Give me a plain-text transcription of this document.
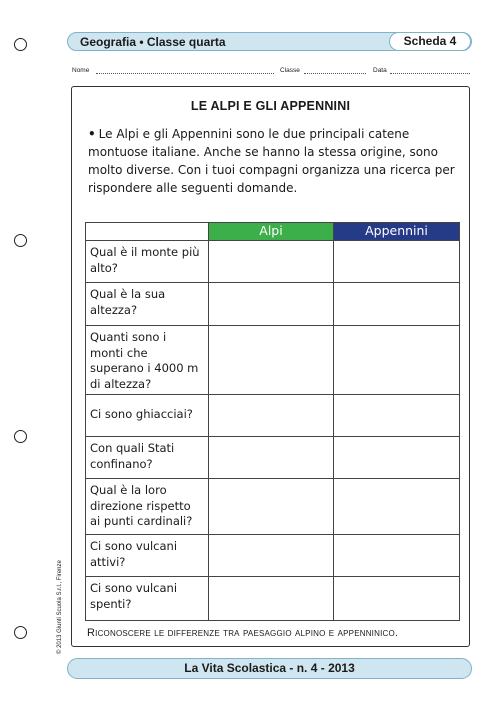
Geografia • Classe quarta	Scheda 4
Nome	Classe	Data
LE ALPI E GLI APPENNINI
• Le Alpi e gli Appennini sono le due principali catene montuose italiane. Anche se hanno la stessa origine, sono molto diverse. Con i tuoi compagni organizza una ricerca per rispondere alle seguenti domande.
	Alpi	Appennini
Qual è il monte più alto?		
Qual è la sua altezza?		
Quanti sono i monti che superano i 4000 m di altezza?		
Ci sono ghiacciai?		
Con quali Stati confinano?		
Qual è la loro direzione rispetto ai punti cardinali?		
Ci sono vulcani attivi?		
Ci sono vulcani spenti?		
Riconoscere le differenze tra paesaggio alpino e appenninico.
© 2013 Giunti Scuola S.r.l., Firenze
La Vita Scolastica - n. 4 - 2013
